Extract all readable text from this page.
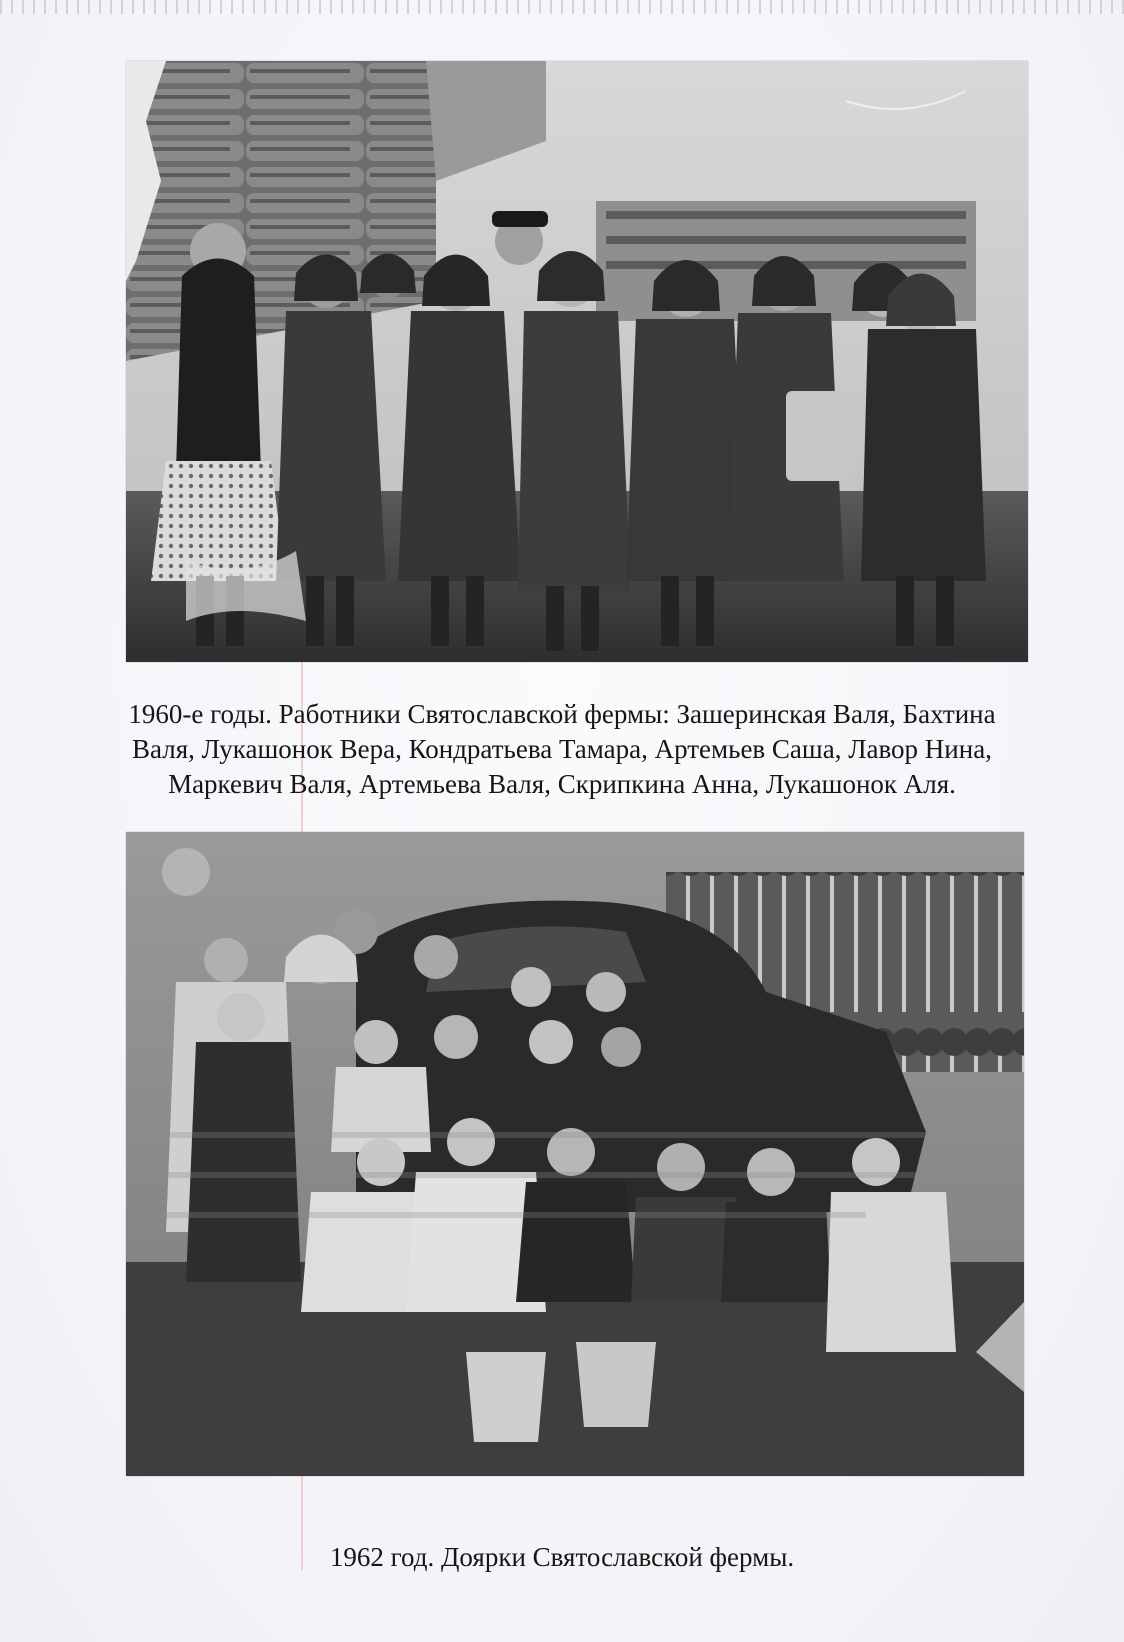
1960-е годы. Работники Святославской фермы: Зашеринская Валя, Бахтина
Валя, Лукашонок Вера, Кондратьева Тамара, Артемьев Саша, Лавор Нина,
Маркевич Валя, Артемьева Валя, Скрипкина Анна, Лукашонок Аля.
1962 год. Доярки Святославской фермы.
